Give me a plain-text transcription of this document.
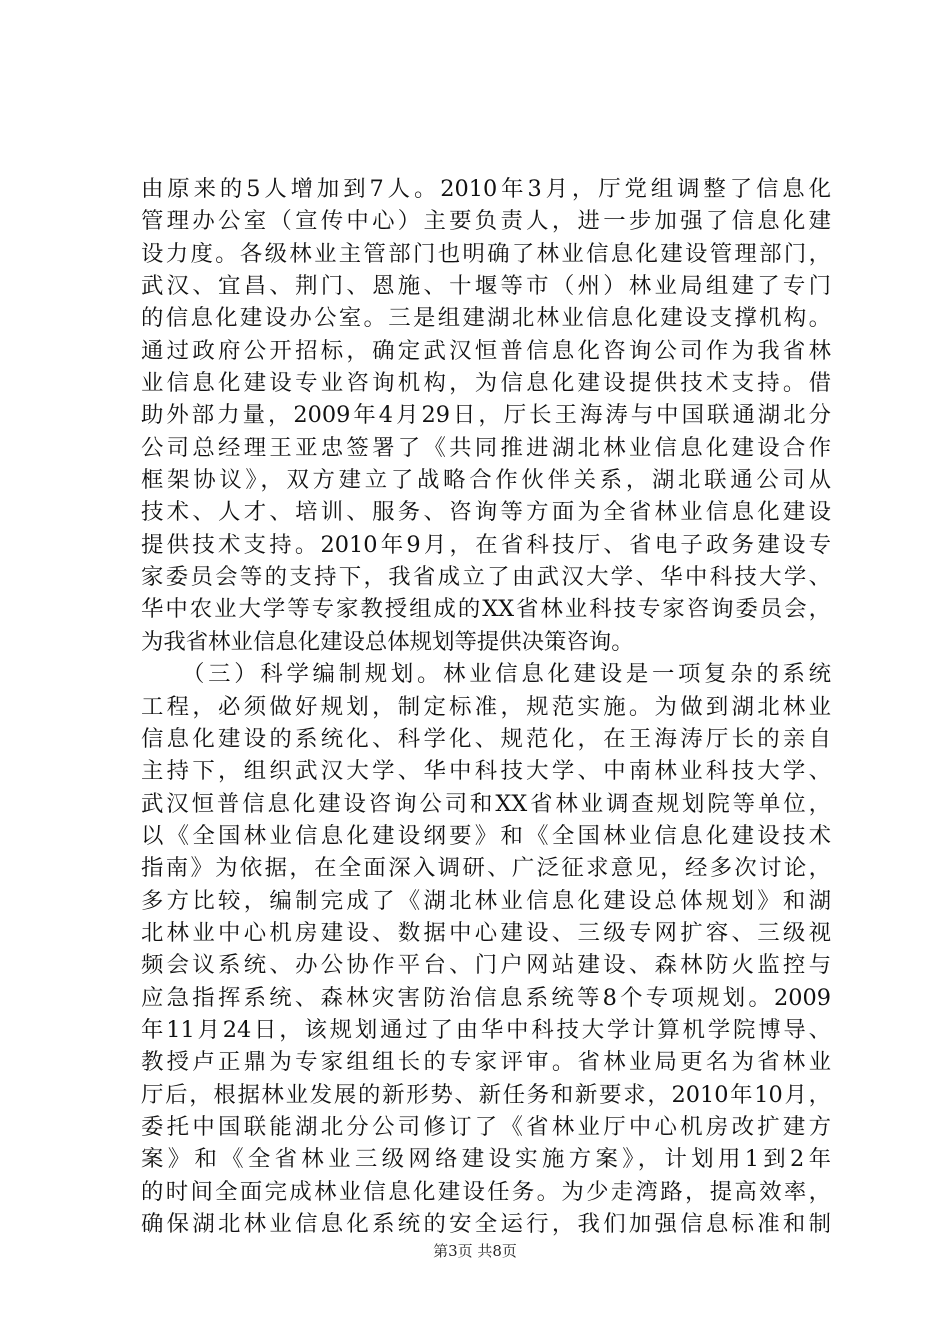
由原来的5人增加到7人。2010年3月，厅党组调整了信息化
管理办公室（宣传中心）主要负责人，进一步加强了信息化建
设力度。各级林业主管部门也明确了林业信息化建设管理部门，
武汉、宜昌、荆门、恩施、十堰等市（州）林业局组建了专门
的信息化建设办公室。三是组建湖北林业信息化建设支撑机构。
通过政府公开招标，确定武汉恒普信息化咨询公司作为我省林
业信息化建设专业咨询机构，为信息化建设提供技术支持。借
助外部力量，2009年4月29日，厅长王海涛与中国联通湖北分
公司总经理王亚忠签署了《共同推进湖北林业信息化建设合作
框架协议》，双方建立了战略合作伙伴关系，湖北联通公司从
技术、人才、培训、服务、咨询等方面为全省林业信息化建设
提供技术支持。2010年9月，在省科技厅、省电子政务建设专
家委员会等的支持下，我省成立了由武汉大学、华中科技大学、
华中农业大学等专家教授组成的XX省林业科技专家咨询委员会，
为我省林业信息化建设总体规划等提供决策咨询。
　　（三）科学编制规划。林业信息化建设是一项复杂的系统
工程，必须做好规划，制定标准，规范实施。为做到湖北林业
信息化建设的系统化、科学化、规范化，在王海涛厅长的亲自
主持下，组织武汉大学、华中科技大学、中南林业科技大学、
武汉恒普信息化建设咨询公司和XX省林业调查规划院等单位，
以《全国林业信息化建设纲要》和《全国林业信息化建设技术
指南》为依据，在全面深入调研、广泛征求意见，经多次讨论，
多方比较，编制完成了《湖北林业信息化建设总体规划》和湖
北林业中心机房建设、数据中心建设、三级专网扩容、三级视
频会议系统、办公协作平台、门户网站建设、森林防火监控与
应急指挥系统、森林灾害防治信息系统等8个专项规划。2009
年11月24日，该规划通过了由华中科技大学计算机学院博导、
教授卢正鼎为专家组组长的专家评审。省林业局更名为省林业
厅后，根据林业发展的新形势、新任务和新要求，2010年10月，
委托中国联能湖北分公司修订了《省林业厅中心机房改扩建方
案》和《全省林业三级网络建设实施方案》，计划用1到2年
的时间全面完成林业信息化建设任务。为少走湾路，提高效率，
确保湖北林业信息化系统的安全运行，我们加强信息标准和制
第3页 共8页
